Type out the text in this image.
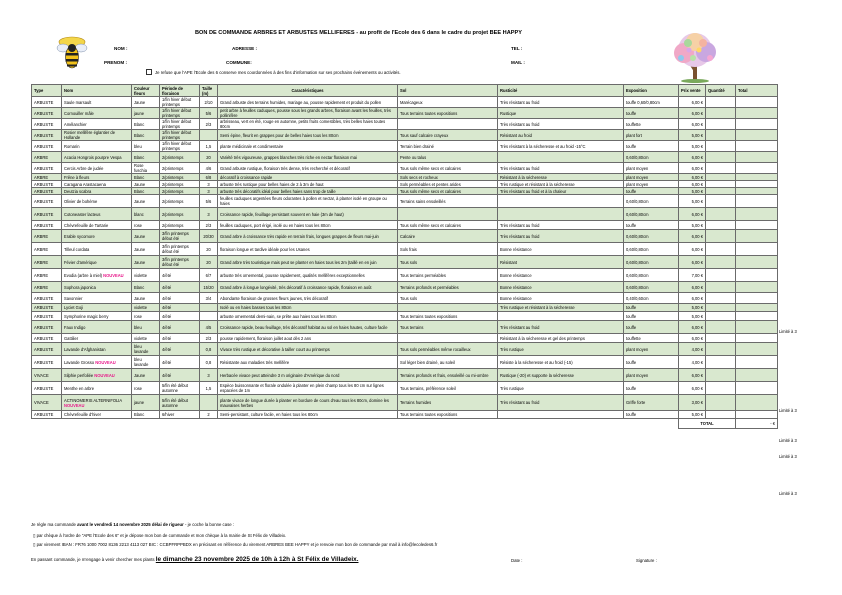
BON DE COMMANDE ARBRES ET ARBUSTES MELLIFERES - au profit de l'Ecole des 6 dans le cadre du projet BEE HAPPY
NOM :	ADRESSE :	TEL :
PRENOM :	COMMUNE:	MAIL :
Je refuse que l'APE l'Ecole des 6 conserve mes coordonnées à des fins d'information sur ses prochains événements ou activités.
Type	Nom	Couleur fleurs	Période de floraison	Taille (m)	Caractéristiques	Sol	Rusticité	Exposition	Prix vente	Quantité	Total
ARBUSTE	Saule marsault	Jaune	1/fin hiver début printemps	2/10	Grand arbuste des terrains humides, mariage au, pousse rapidement et produit du pollen	Marécageux	Très résistant au froid	touffe 0,60/0,80cm	6,00 €		
ARBUSTE	Cornouiller mâle	jaune	1/fin hiver début printemps	5/6	petit arbre à feuilles caduques, pousse sous les grands arbres, floraison avant les feuilles, très pollinifère	Tous terrains toutes expositions	Rustique	touffe	6,00 €		
ARBUSTE	Amélanchier	Blanc	1/fin hiver début printemps	2/3	arbrisseau, vert en été, rouge en automne, petits fruits comestibles, très belles haies toutes 80cm		Très résistant au froid	touffette	6,00 €		
ARBUSTE	Rosier mellifère églantier de Hollande	Blanc	1/fin hiver début printemps		Semi épine, fleurit en grappes pour de belles haies tous les 80cm	Tous sauf calcaire crayeux	Résistant au froid	plant fort	5,00 €		
ARBUSTE	Romarin	bleu	1/fin hiver début printemps	1,5	plante médicinale et condimentaire	Terrain bien drainé	Très résistant à la sécheresse et au froid -15°C	touffe	5,00 €		
ARBRE	Acacia Hongrois pourpre Vespa	Blanc	2/printemps	20	Variété très vigoureuse, grappes blanches très riche en nectar floraison mai	Pente ou talus		0,60/0,80cm	6,00 €		
ARBUSTE	Cercis Arbre de judée	Rose fuschia	2/printemps	4/6	Grand arbuste rustique, floraison très dense, très recherché et décoratif	Tous sols même secs et calcaires	Très résistant au froid	plant moyen	6,00 €		
ARBRE	Frêne à fleurs	Blanc	2/printemps	6/8	décoratif à croissance rapide	Sols secs et rocheux	Résistant à la sécheresse	plant moyen	6,00 €		
ARBUSTE	Caragana Arastacaena	Jaune	2/printemps	3	arbuste très rustique pour belles haies de 2 à 3m de haut	Sols perméables et pentes arides	Très rustique et résistant à la sécheresse	plant moyen	6,00 €		
ARBUSTE	Deutzia scabra	Blanc	2/printemps	3	arbuste très décoratifs idéal pour belles haies sans trop de taille	Tous sols même secs et calcaires	Très résistant au froid et à la chaleur	touffe	5,00 €		
ARBUSTE	Olivier de bohème	Jaune	2/printemps	5/6	feuilles caduques argentées fleurs odorantes à pollen et nectar, à planter isolé en groupe ou haies	Terrains sains ensoleillés		0,60/0,80cm	5,00 €		
ARBUSTE	Cotoneaster lacteus	blanc	2/printemps	3	Croissance rapide, feuillage persistant souvent en haie (3m de haut)			0,60/0,80cm	6,00 €		
ARBUSTE	Chèvrefeuille de Tartarie	rose	2/printemps	2/3	feuilles caduques, port érigé, isolé ou en haies tous les 80cm	Tous sols même secs et calcaires	Très résistant au froid	touffe	5,00 €		
ARBRE	Erable sycomore	Jaune	3/fin printemps début été	20/30	Grand arbre à croissance très rapide en terrain frais, longues grappes de fleurs mai-juin	Calcaire	Très résistant au froid	0,60/0,80cm	6,00 €		
ARBRE	Tilleul cordata	Jaune	3/fin printemps début été	20	floraison longue et tardive idéale pour les Usanes	Sols frais	Bonne résistance	0,60/0,80cm	6,00 €		
ARBRE	Févier d'amérique	Jaune	3/fin printemps début été	20	Grand arbre très touristique mais peut se planter en haies tous les 2m (taillé en en juin	Tous sols	Résistant	0,60/0,80cm	6,00 €		
ARBRE	Evodia (arbre à miel) NOUVEAU	violette	4/été	6/7	arbuste très ornemental, pousse rapidement, qualités mellifères exceptionnelles	Tous terrains perméables	Bonne résistance	0,60/0,80cm	7,00 €		
ARBRE	Sophora japonica	Blanc	4/été	15/20	Grand arbre à longue longévité, très décoratif à croissance rapide, floraison en août	Terrains profonds et perméables	Bonne résistance	0,60/0,80cm	6,00 €		
ARBUSTE	Savonnier	Jaune	4/été	3/4	Abondante floraison de grosses fleurs jaunes, très décoratif	Tous sols	Bonne résistance	0,40/0,60cm	6,00 €		
ARBUSTE	Lyciet Goji	violette	4/été		Isolé ou en haies basses tous les 80cm		Très rustique et résistant à la sécheresse	touffe	5,00 €		
ARBUSTE	Symphorine magic berry	rose	4/été		arbuste ornemental demi-nain, se prête aux haies tous les 80cm	Tous terrains toutes expositions		touffe	5,00 €		
ARBUSTE	Faux Indigo	bleu	4/été	4/5	Croissance rapide, beau feuillage, très décoratif habitat au sol en haies hautes, culture facile	Tous terrains	Très résistant au froid	touffe	6,00 €		
ARBUSTE	Gattilier	violette	4/été	2/3	pousse rapidement, floraison juillet aout dès 2 ans		Résistant à la sécheresse et gel des printemps	touffette	6,00 €		
ARBUSTE	Lavande d'Afghanistan	bleu lavande	4/été	0,8	Vivace très rustique et décorative à tailler court au printemps	Tous sols perméables même rocailleux	Très rustique	plant moyen	4,00 €		
ARBUSTE	Lavande Grosso NOUVEAU	bleu lavande	4/été	0,8	Résistante aux maladies très mellifère	Sol léger bien drainé, au soleil	Résiste à la sécheresse et au froid (-15)	touffe	4,00 €		
VIVACE	Silphie perfoliée NOUVEAU	Jaune	4/été	3	Herbacée vivace peut atteindre 3 m originaire d'Amérique du nord	Terrains profonds et frais, ensoleillé ou mi-ombre	Rustique (-20) et supporte la sécheresse	plant moyen	6,00 €		
ARBUSTE	Menthe en arbre	rose	5/fin été début automne	1,5	Espèce buissonnante et florale ondulée à planter en plein champ tous les 80 cm sur lignes espacées de 1m	Tous terrains, préférence soleil	Très rustique	touffe	6,00 €		
VIVACE	ACTINOMERIS ALTERNIFOLIA NOUVEAU	jaune	5/fin été début automne		plante vivace de longue durée à planter en bordure de cours d'eau tous les 80cm, domine les mauvaises herbes	Terrains humides	Très résistant au froid	Griffe forte	3,00 €		
ARBUSTE	Chèvrefeuille d'hiver	Blanc	6/hiver	2	Semi-persistant, culture facile, en haies tous les 80cm	Tous terrains toutes expositions		touffe	5,00 €		
									TOTAL		- €
Limité à 3
Limité à 3
Limité à 3
Limité à 3
Limité à 3
Je règle ma commande avant le vendredi 14 novembre 2025 délai de rigueur - je coche la bonne case :
▯ par chèque à l'ordre de "APE l'Ecole des 6" et je dépose mon bon de commande et mon chèque à la mairie de St Félix de Villadeix.
▯ par virement IBAN : FR76 1000 7002 8136 2213 4113 027 BIC : CCBPFRPPBDX en précisant en référence du virement ARBRES BEE HAPPY et je renvoie mon bon de commande par mail à info@lecoledes6.fr
En passant commande, je m'engage à venir chercher mes plants le dimanche 23 novembre 2025 de 10h à 12h à St Félix de Villadeix.	Date :	Signature :
